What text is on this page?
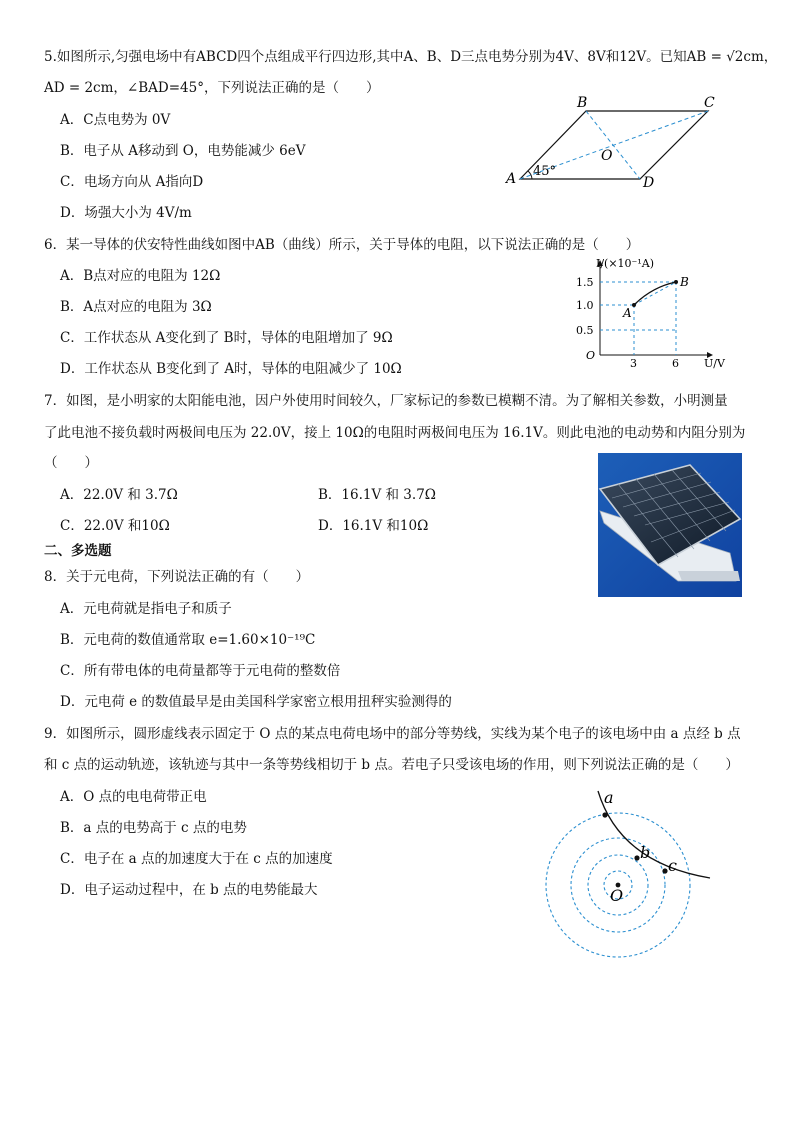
5.如图所示,匀强电场中有ABCD四个点组成平行四边形,其中A、B、D三点电势分别为4V、8V和12V。已知AB = √2cm，
AD = 2cm，∠BAD=45°，下列说法正确的是（　　）
A．C点电势为 0V
B．电子从 A移动到 O，电势能减少 6eV
C．电场方向从 A指向D
D．场强大小为 4V/m
B	C
A	D
O
45°
6．某一导体的伏安特性曲线如图中AB（曲线）所示，关于导体的电阻，以下说法正确的是（　　）
A．B点对应的电阻为 12Ω
B．A点对应的电阻为 3Ω
C．工作状态从 A变化到了 B时，导体的电阻增加了 9Ω
D．工作状态从 B变化到了 A时，导体的电阻减少了 10Ω
I/(×10⁻¹A)
U/V
1.5
1.0
0.5
3	6
O
A
B
7．如图，是小明家的太阳能电池，因户外使用时间较久，厂家标记的参数已模糊不清。为了解相关参数，小明测量
了此电池不接负载时两极间电压为 22.0V，接上 10Ω的电阻时两极间电压为 16.1V。则此电池的电动势和内阻分别为
（　　）
A．22.0V 和 3.7Ω	B．16.1V 和 3.7Ω
C．22.0V 和10Ω	D．16.1V 和10Ω
二、多选题
8．关于元电荷，下列说法正确的有（　　）
A．元电荷就是指电子和质子
B．元电荷的数值通常取 e=1.60×10⁻¹⁹C
C．所有带电体的电荷量都等于元电荷的整数倍
D．元电荷 e 的数值最早是由美国科学家密立根用扭秤实验测得的
9．如图所示，圆形虚线表示固定于 O 点的某点电荷电场中的部分等势线，实线为某个电子的该电场中由 a 点经 b 点
和 c 点的运动轨迹，该轨迹与其中一条等势线相切于 b 点。若电子只受该电场的作用，则下列说法正确的是（　　）
A．O 点的电电荷带正电
B．a 点的电势高于 c 点的电势
C．电子在 a 点的加速度大于在 c 点的加速度
D．电子运动过程中，在 b 点的电势能最大
a
b
c
O
